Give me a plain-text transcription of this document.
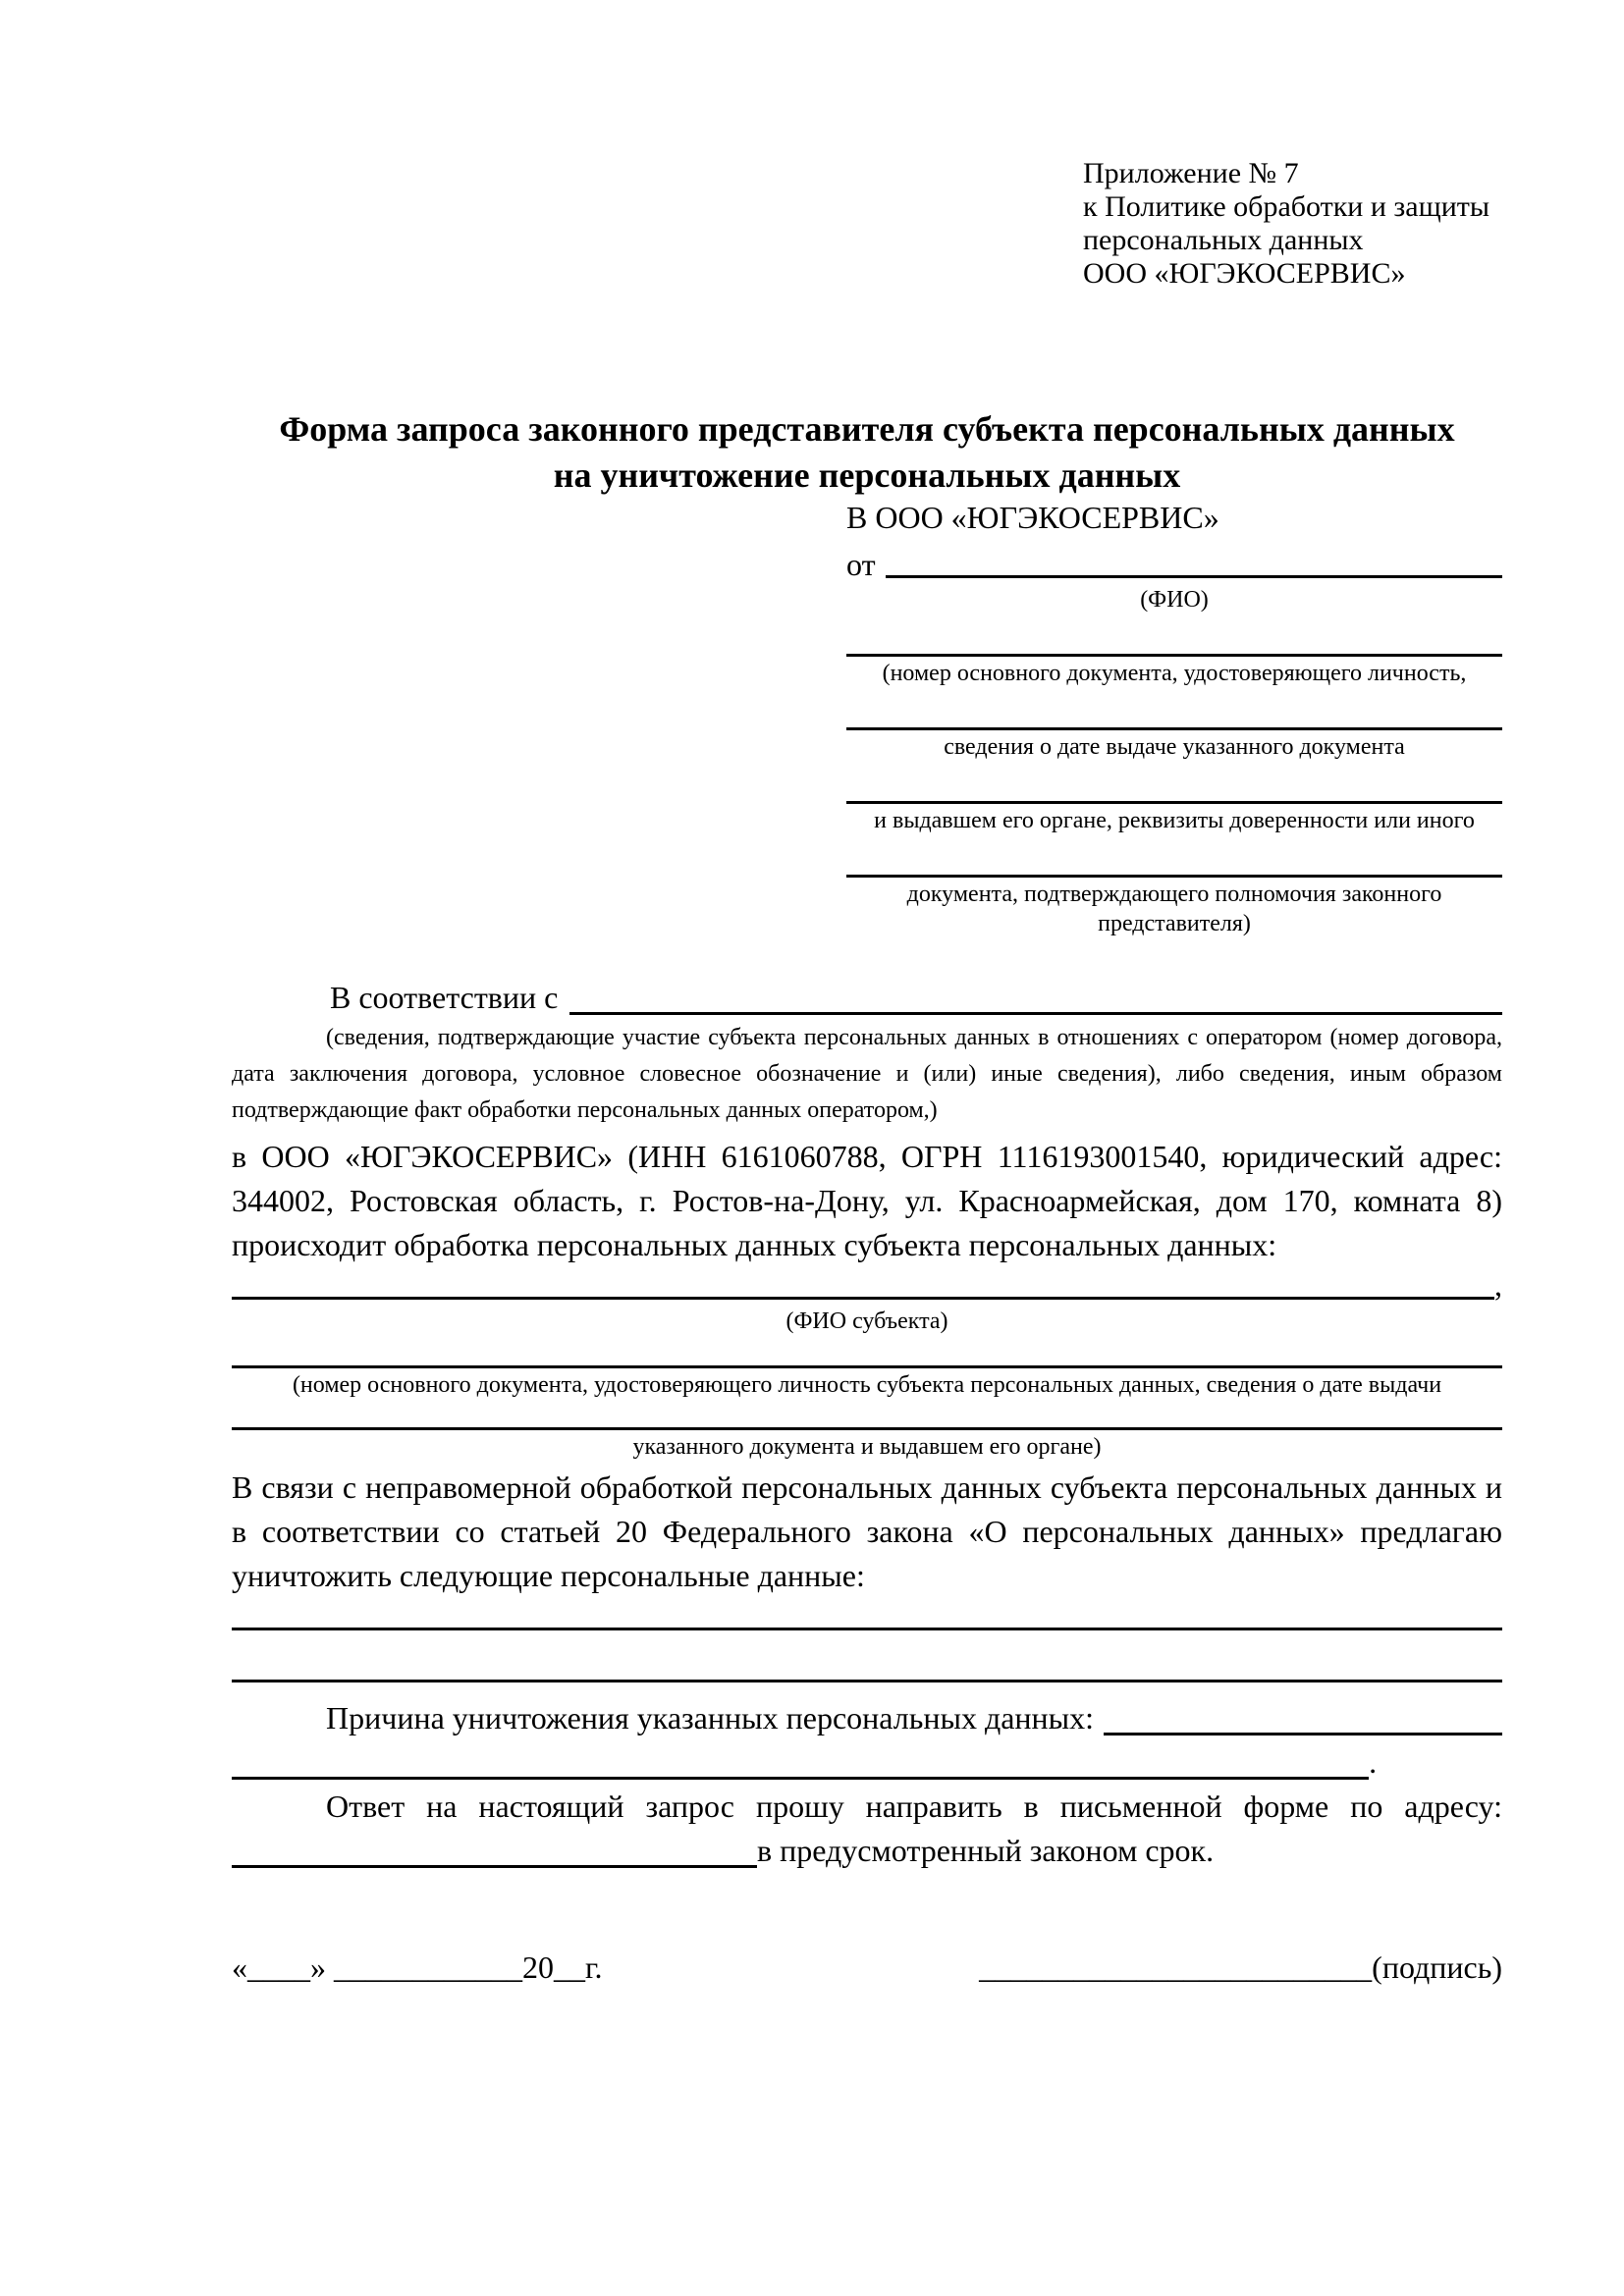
Приложение № 7
к Политике обработки и защиты
персональных данных
ООО «ЮГЭКОСЕРВИС»
Форма запроса законного представителя субъекта персональных данных
на уничтожение персональных данных
В ООО «ЮГЭКОСЕРВИС»
от
(ФИО)
(номер основного документа, удостоверяющего личность,
сведения о дате выдаче указанного документа
и выдавшем его органе, реквизиты доверенности или иного
документа, подтверждающего полномочия законного представителя)
В соответствии с
(сведения, подтверждающие участие субъекта персональных данных в отношениях с оператором (номер договора, дата заключения договора, условное словесное обозначение и (или) иные сведения), либо сведения, иным образом подтверждающие факт обработки персональных данных оператором,)
в ООО «ЮГЭКОСЕРВИС» (ИНН 6161060788, ОГРН 1116193001540, юридический адрес: 344002, Ростовская область, г. Ростов-на-Дону, ул. Красноармейская, дом 170, комната 8) происходит обработка персональных данных субъекта персональных данных:
,
(ФИО субъекта)
(номер основного документа, удостоверяющего личность субъекта персональных данных, сведения о дате выдачи
указанного документа и выдавшем его органе)
В связи с неправомерной обработкой персональных данных субъекта персональных данных и в соответствии со статьей 20 Федерального закона «О персональных данных» предлагаю уничтожить следующие персональные данные:
Причина уничтожения указанных персональных данных:
.
Ответ на настоящий запрос прошу направить в письменной форме по адресу:
в предусмотренный законом срок.
«____» ____________20__г.	_________________________(подпись)
